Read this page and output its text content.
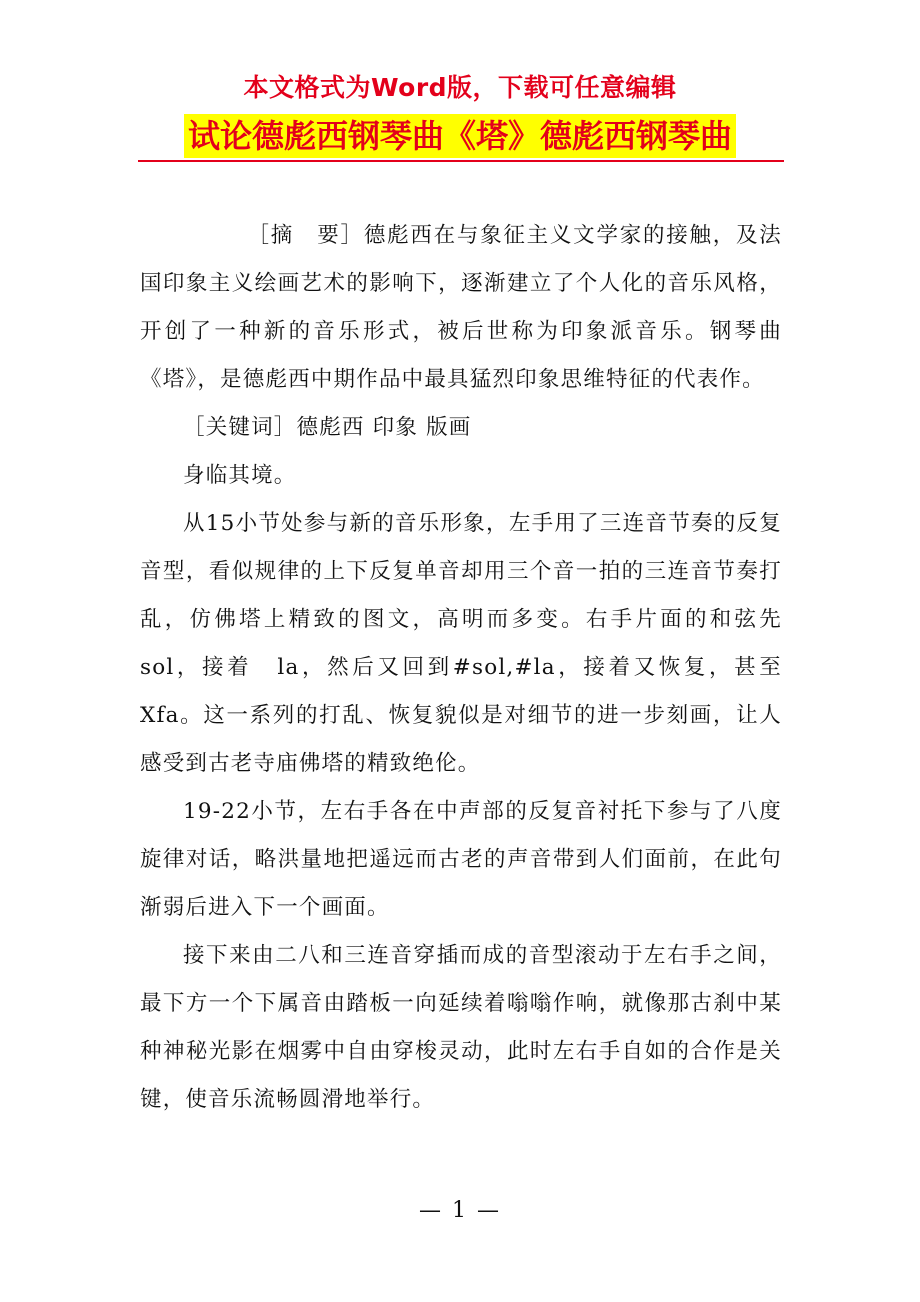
本文格式为Word版，下载可任意编辑
试论德彪西钢琴曲《塔》德彪西钢琴曲

［摘　要］德彪西在与象征主义文学家的接触，及法国印象主义绘画艺术的影响下，逐渐建立了个人化的音乐风格，开创了一种新的音乐形式，被后世称为印象派音乐。钢琴曲《塔》，是德彪西中期作品中最具猛烈印象思维特征的代表作。

［关键词］德彪西 印象 版画

身临其境。

从15小节处参与新的音乐形象，左手用了三连音节奏的反复音型，看似规律的上下反复单音却用三个音一拍的三连音节奏打乱，仿佛塔上精致的图文，高明而多变。右手片面的和弦先　sol，接着　la，然后又回到#sol,#la，接着又恢复，甚至Xfa。这一系列的打乱、恢复貌似是对细节的进一步刻画，让人感受到古老寺庙佛塔的精致绝伦。

19-22小节，左右手各在中声部的反复音衬托下参与了八度旋律对话，略洪量地把遥远而古老的声音带到人们面前，在此句渐弱后进入下一个画面。

接下来由二八和三连音穿插而成的音型滚动于左右手之间，最下方一个下属音由踏板一向延续着嗡嗡作响，就像那古刹中某种神秘光影在烟雾中自由穿梭灵动，此时左右手自如的合作是关键，使音乐流畅圆滑地举行。

— 1 —
